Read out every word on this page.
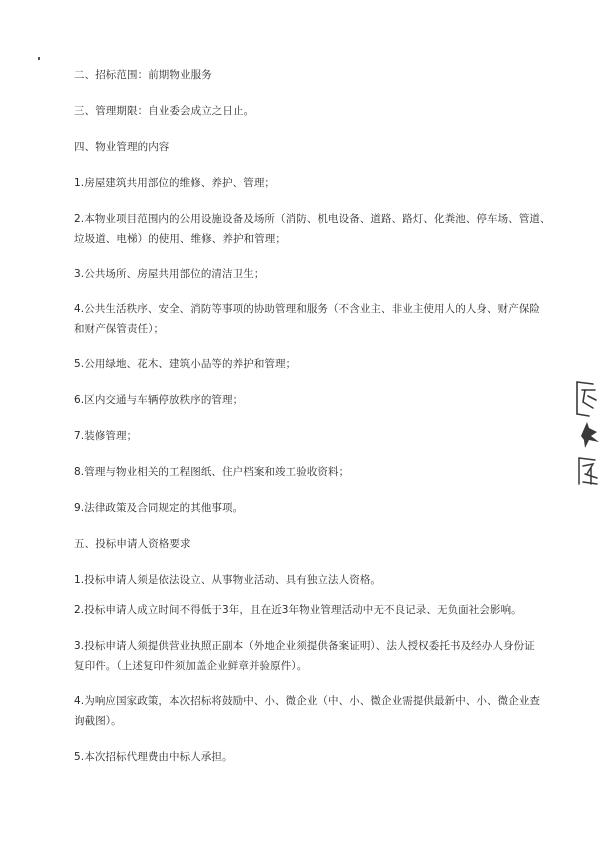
二、招标范围：前期物业服务
三、管理期限：自业委会成立之日止。
四、物业管理的内容
1.房屋建筑共用部位的维修、养护、管理；
2.本物业项目范围内的公用设施设备及场所（消防、机电设备、道路、路灯、化粪池、停车场、管道、
垃圾道、电梯）的使用、维修、养护和管理；
3.公共场所、房屋共用部位的清洁卫生；
4.公共生活秩序、安全、消防等事项的协助管理和服务（不含业主、非业主使用人的人身、财产保险
和财产保管责任）；
5.公用绿地、花木、建筑小品等的养护和管理；
6.区内交通与车辆停放秩序的管理；
7.装修管理；
8.管理与物业相关的工程图纸、住户档案和竣工验收资料；
9.法律政策及合同规定的其他事项。
五、投标申请人资格要求
1.投标申请人须是依法设立、从事物业活动、具有独立法人资格。
2.投标申请人成立时间不得低于3年，且在近3年物业管理活动中无不良记录、无负面社会影响。
3.投标申请人须提供营业执照正副本（外地企业须提供备案证明）、法人授权委托书及经办人身份证
复印件。（上述复印件须加盖企业鲜章并验原件）。
4.为响应国家政策，本次招标将鼓励中、小、微企业（中、小、微企业需提供最新中、小、微企业查
询截图）。
5.本次招标代理费由中标人承担。
